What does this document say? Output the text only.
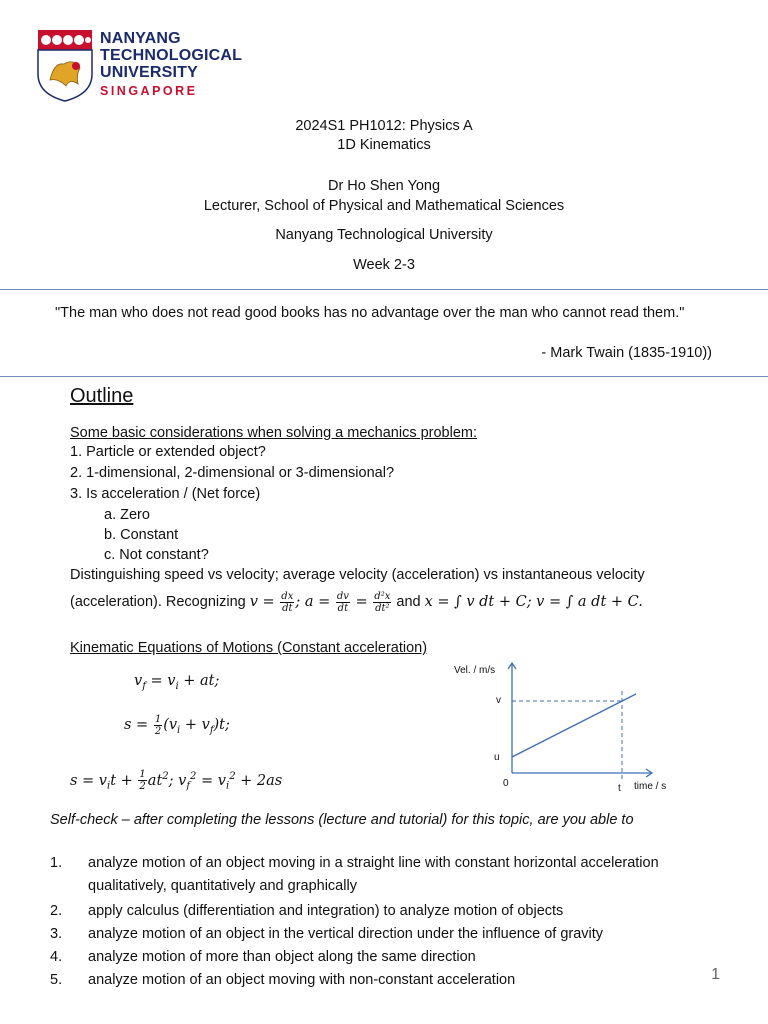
NANYANG
TECHNOLOGICAL
UNIVERSITY
SINGAPORE
2024S1 PH1012: Physics A
1D Kinematics
Dr Ho Shen Yong
Lecturer, School of Physical and Mathematical Sciences
Nanyang Technological University
Week 2-3
"The man who does not read good books has no advantage over the man who cannot read them."
- Mark Twain (1835-1910))
Outline
Some basic considerations when solving a mechanics problem:
1. Particle or extended object?
2. 1-dimensional, 2-dimensional or 3-dimensional?
3. Is acceleration / (Net force)
a. Zero
b. Constant
c. Not constant?
Distinguishing speed vs velocity; average velocity (acceleration) vs instantaneous velocity
(acceleration). Recognizing $v = \frac{dx}{dt}$ ; $a = \frac{dv}{dt} = \frac{\text{d²x}}{\text{dt²}}$ and x = ∫ v dt + C; v = ∫ a dt + C.
Kinematic Equations of Motions (Constant acceleration)
$v_f = v_i$ + at;
$s = \frac{1}{2} (v_i + v_f)t$;
$s = v_it + \frac{1}{2} at^2$; $v_f^2 = v_i^2 + 2as$
Vel. / m/s
v
u
0	t time / s
Self-check – after completing the lessons (lecture and tutorial) for this topic, are you able to
1. analyze motion of an object moving in a straight line with constant horizontal acceleration qualitatively, quantitatively and graphically
2. apply calculus (differentiation and integration) to analyze motion of objects
3. analyze motion of an object in the vertical direction under the influence of gravity
4. analyze motion of more than object along the same direction
5. analyze motion of an object moving with non-constant acceleration	1
